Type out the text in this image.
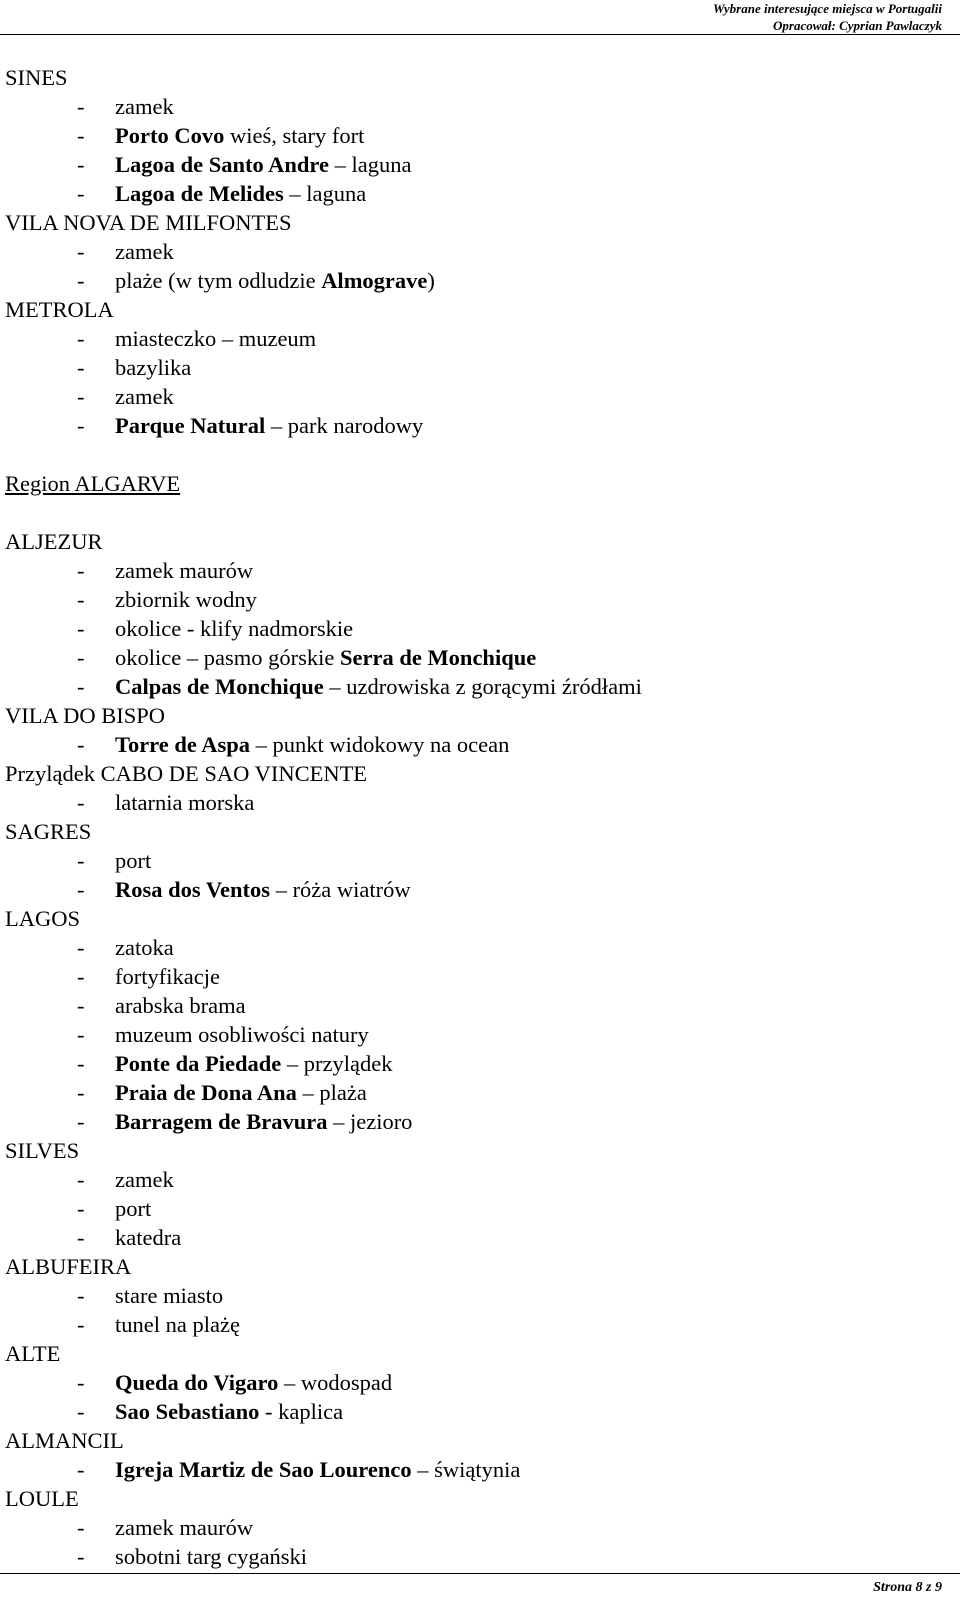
Wybrane interesujące miejsca w Portugalii
Opracował: Cyprian Pawlaczyk
SINES
- zamek
- Porto Covo wieś, stary fort
- Lagoa de Santo Andre – laguna
- Lagoa de Melides – laguna
VILA NOVA DE MILFONTES
- zamek
- plaże (w tym odludzie Almograve)
METROLA
- miasteczko – muzeum
- bazylika
- zamek
- Parque Natural – park narodowy
Region ALGARVE
ALJEZUR
- zamek maurów
- zbiornik wodny
- okolice - klify nadmorskie
- okolice – pasmo górskie Serra de Monchique
- Calpas de Monchique – uzdrowiska z gorącymi źródłami
VILA DO BISPO
- Torre de Aspa – punkt widokowy na ocean
Przylądek CABO DE SAO VINCENTE
- latarnia morska
SAGRES
- port
- Rosa dos Ventos – róża wiatrów
LAGOS
- zatoka
- fortyfikacje
- arabska brama
- muzeum osobliwości natury
- Ponte da Piedade – przylądek
- Praia de Dona Ana – plaża
- Barragem de Bravura – jezioro
SILVES
- zamek
- port
- katedra
ALBUFEIRA
- stare miasto
- tunel na plażę
ALTE
- Queda do Vigaro – wodospad
- Sao Sebastiano - kaplica
ALMANCIL
- Igreja Martiz de Sao Lourenco – świątynia
LOULE
- zamek maurów
- sobotni targ cygański
Strona 8 z 9
